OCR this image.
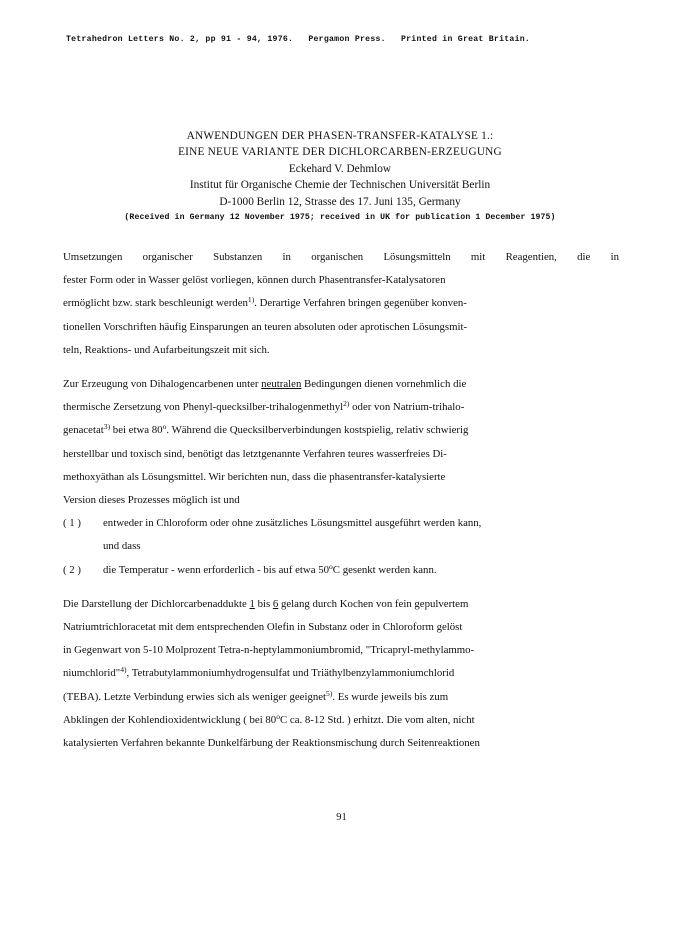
Tetrahedron Letters No. 2, pp 91 - 94, 1976. Pergamon Press. Printed in Great Britain.
ANWENDUNGEN DER PHASEN-TRANSFER-KATALYSE 1.:
EINE NEUE VARIANTE DER DICHLORCARBEN-ERZEUGUNG
Eckehard V. Dehmlow
Institut für Organische Chemie der Technischen Universität Berlin
D-1000 Berlin 12, Strasse des 17. Juni 135, Germany
(Received in Germany 12 November 1975; received in UK for publication 1 December 1975)

Umsetzungen organischer Substanzen in organischen Lösungsmitteln mit Reagentien, die in
fester Form oder in Wasser gelöst vorliegen, können durch Phasentransfer-Katalysatoren
ermöglicht bzw. stark beschleunigt werden$^{1)}$. Derartige Verfahren bringen gegenüber konven-
tionellen Vorschriften häufig Einsparungen an teuren absoluten oder aprotischen Lösungsmit-
teln, Reaktions- und Aufarbeitungszeit mit sich.

Zur Erzeugung von Dihalogencarbenen unter neutralen Bedingungen dienen vornehmlich die
thermische Zersetzung von Phenyl-quecksilber-trihalogenmethyl$^{2)}$ oder von Natrium-trihalo-
genacetat$^{3)}$ bei etwa 80$^o$. Während die Quecksilberverbindungen kostspielig, relativ schwierig
herstellbar und toxisch sind, benötigt das letztgenannte Verfahren teures wasserfreies Di-
methoxyäthan als Lösungsmittel. Wir berichten nun, dass die phasentransfer-katalysierte
Version dieses Prozesses möglich ist und

( 1 ) entweder in Chloroform oder ohne zusätzliches Lösungsmittel ausgeführt werden kann,
und dass
( 2 ) die Temperatur - wenn erforderlich - bis auf etwa 50$^o$C gesenkt werden kann.

Die Darstellung der Dichlorcarbenaddukte 1 bis 6 gelang durch Kochen von fein gepulvertem
Natriumtrichloracetat mit dem entsprechenden Olefin in Substanz oder in Chloroform gelöst
in Gegenwart von 5-10 Molprozent Tetra-n-heptylammoniumbromid, "Tricapryl-methylammo-
niumchlorid"$^{4)}$, Tetrabutylammoniumhydrogensulfat und Triäthylbenzylammoniumchlorid
(TEBA). Letzte Verbindung erwies sich als weniger geeignet$^{5)}$. Es wurde jeweils bis zum
Abklingen der Kohlendioxidentwicklung ( bei 80$^o$C ca. 8-12 Std. ) erhitzt. Die vom alten, nicht
katalysierten Verfahren bekannte Dunkelfärbung der Reaktionsmischung durch Seitenreaktionen

91
